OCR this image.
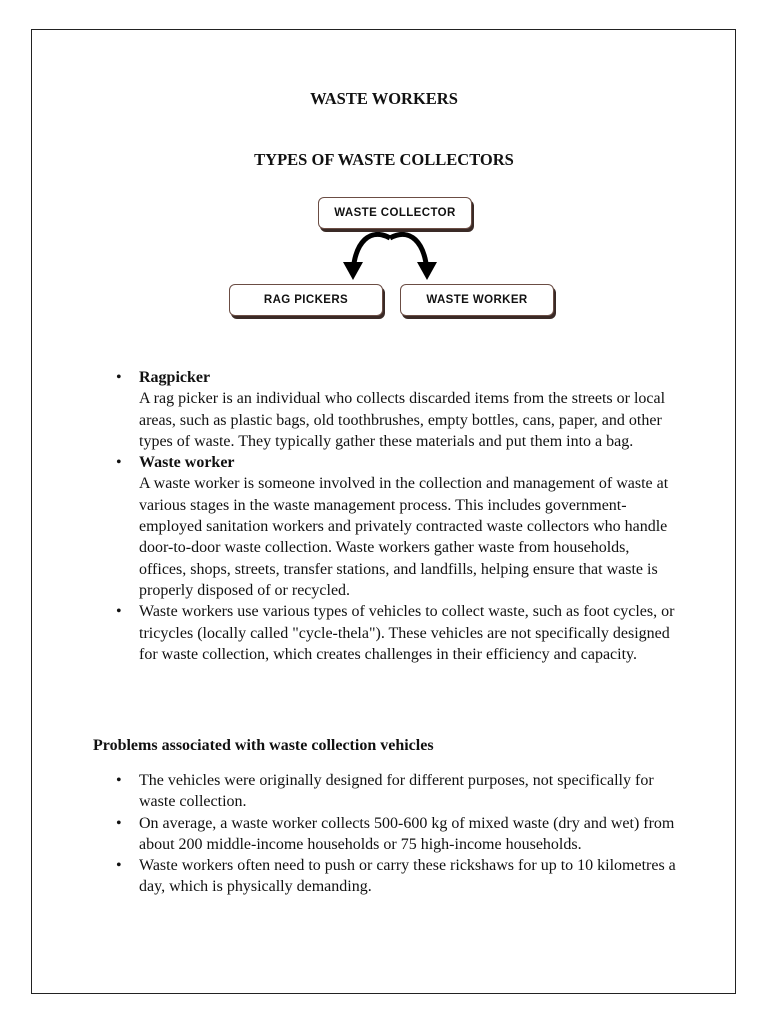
WASTE WORKERS
TYPES OF WASTE COLLECTORS
WASTE COLLECTOR
RAG PICKERS	WASTE WORKER
• Ragpicker
A rag picker is an individual who collects discarded items from the streets or local areas, such as plastic bags, old toothbrushes, empty bottles, cans, paper, and other types of waste. They typically gather these materials and put them into a bag.
• Waste worker
A waste worker is someone involved in the collection and management of waste at various stages in the waste management process. This includes government-employed sanitation workers and privately contracted waste collectors who handle door-to-door waste collection. Waste workers gather waste from households, offices, shops, streets, transfer stations, and landfills, helping ensure that waste is properly disposed of or recycled.
• Waste workers use various types of vehicles to collect waste, such as foot cycles, or tricycles (locally called "cycle-thela"). These vehicles are not specifically designed for waste collection, which creates challenges in their efficiency and capacity.
Problems associated with waste collection vehicles
• The vehicles were originally designed for different purposes, not specifically for waste collection.
• On average, a waste worker collects 500-600 kg of mixed waste (dry and wet) from about 200 middle-income households or 75 high-income households.
• Waste workers often need to push or carry these rickshaws for up to 10 kilometres a day, which is physically demanding.
